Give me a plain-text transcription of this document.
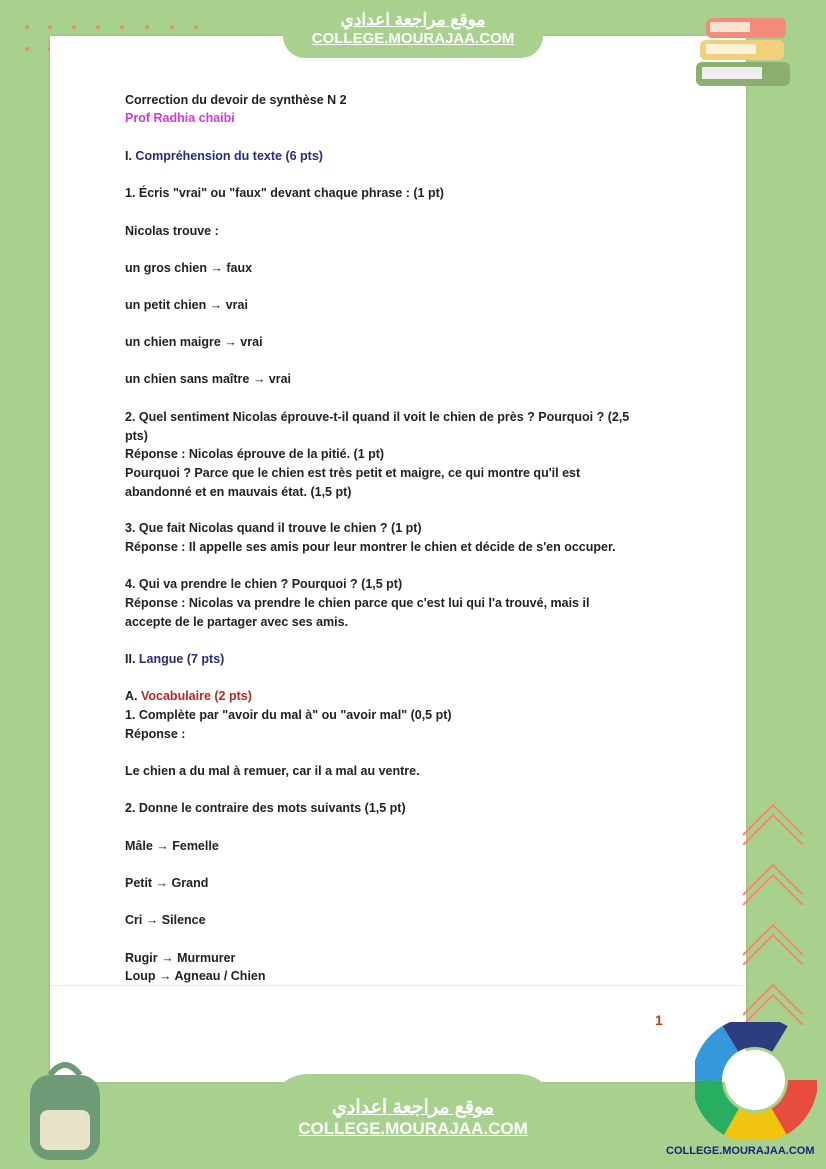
موقع مراجعة اعدادي
COLLEGE.MOURAJAA.COM
Correction du devoir de synthèse N 2
Prof Radhia chaibi
I. Compréhension du texte (6 pts)
1. Écris "vrai" ou "faux" devant chaque phrase : (1 pt)
Nicolas trouve :
un gros chien → faux
un petit chien → vrai
un chien maigre → vrai
un chien sans maître → vrai
2. Quel sentiment Nicolas éprouve-t-il quand il voit le chien de près ? Pourquoi ? (2,5
pts)
Réponse : Nicolas éprouve de la pitié. (1 pt)
Pourquoi ? Parce que le chien est très petit et maigre, ce qui montre qu'il est
abandonné et en mauvais état. (1,5 pt)
3. Que fait Nicolas quand il trouve le chien ? (1 pt)
Réponse : Il appelle ses amis pour leur montrer le chien et décide de s'en occuper.
4. Qui va prendre le chien ? Pourquoi ? (1,5 pt)
Réponse : Nicolas va prendre le chien parce que c'est lui qui l'a trouvé, mais il
accepte de le partager avec ses amis.
II. Langue (7 pts)
A. Vocabulaire (2 pts)
1. Complète par "avoir du mal à" ou "avoir mal" (0,5 pt)
Réponse :
Le chien a du mal à remuer, car il a mal au ventre.
2. Donne le contraire des mots suivants (1,5 pt)
Mâle → Femelle
Petit → Grand
Cri → Silence
Rugir → Murmurer
Loup → Agneau / Chien
1
موقع مراجعة اعدادي
COLLEGE.MOURAJAA.COM
COLLEGE.MOURAJAA.COM
